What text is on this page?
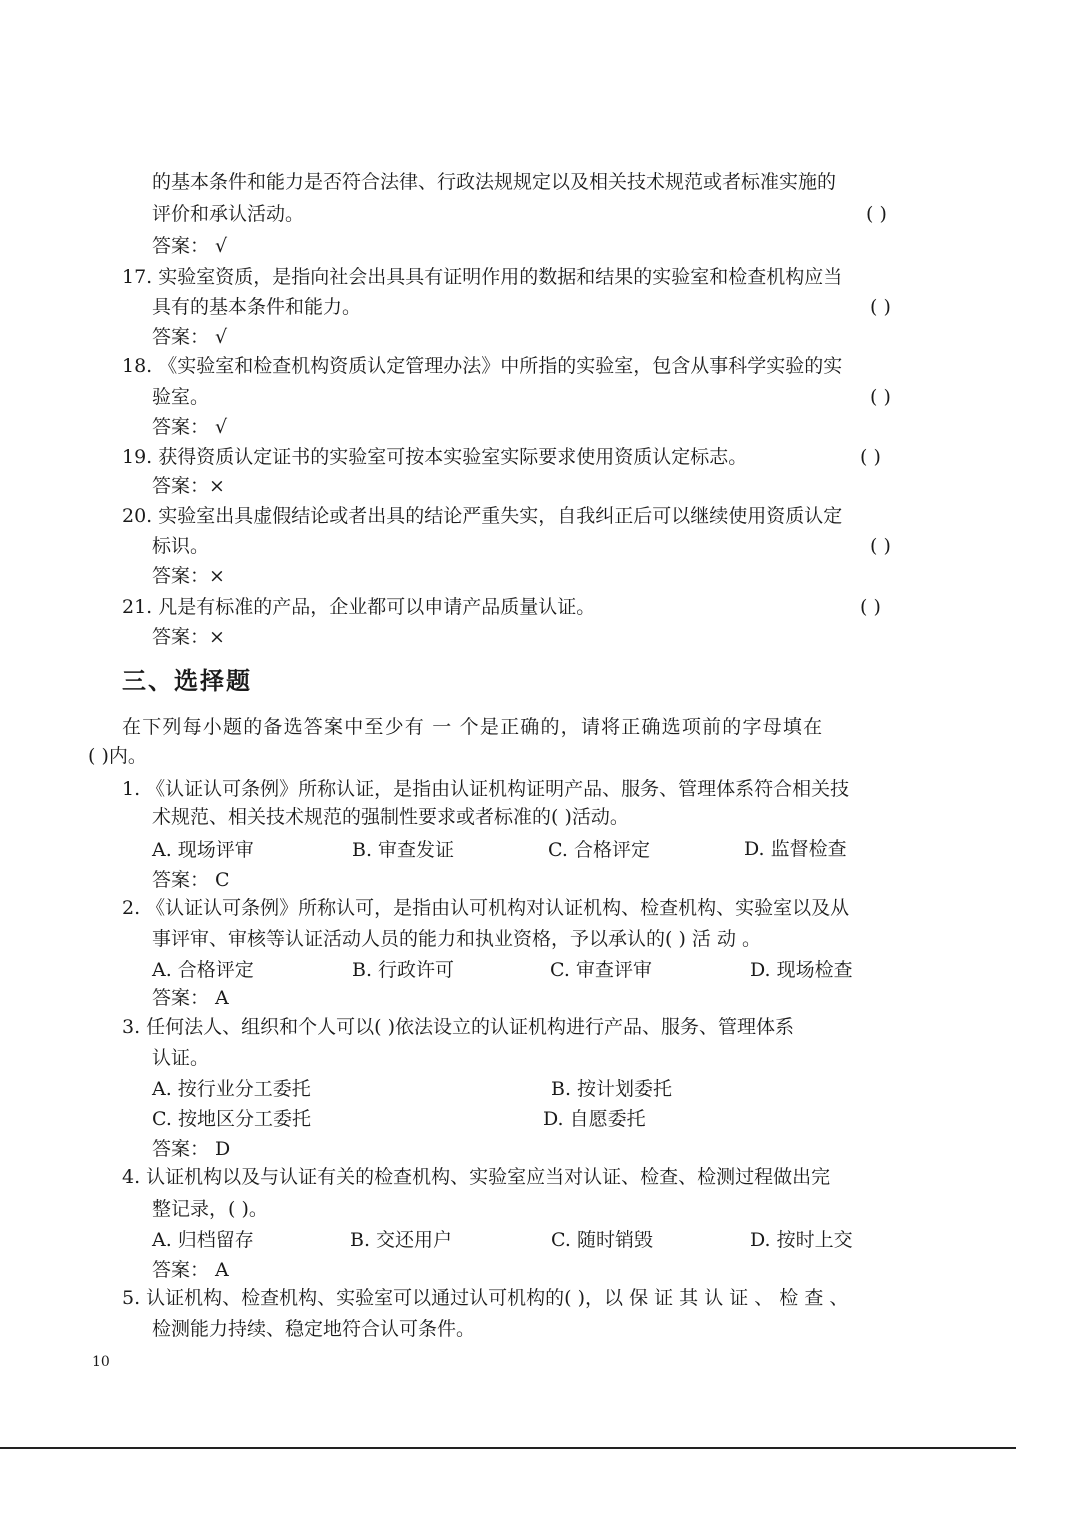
的基本条件和能力是否符合法律、行政法规规定以及相关技术规范或者标准实施的
评价和承认活动。	( )
答案： √
17. 实验室资质，是指向社会出具具有证明作用的数据和结果的实验室和检查机构应当
具有的基本条件和能力。	( )
答案： √
18. 《实验室和检查机构资质认定管理办法》中所指的实验室，包含从事科学实验的实
验室。	( )
答案： √
19. 获得资质认定证书的实验室可按本实验室实际要求使用资质认定标志。	( )
答案：×
20. 实验室出具虚假结论或者出具的结论严重失实，自我纠正后可以继续使用资质认定
标识。	( )
答案：×
21. 凡是有标准的产品，企业都可以申请产品质量认证。	( )
答案：×
三、选择题
在下列每小题的备选答案中至少有 一 个是正确的，请将正确选项前的字母填在
( )内。
1. 《认证认可条例》所称认证，是指由认证机构证明产品、服务、管理体系符合相关技
术规范、相关技术规范的强制性要求或者标准的( )活动。
A. 现场评审	B. 审查发证	C. 合格评定	D. 监督检查
答案： C
2. 《认证认可条例》所称认可，是指由认可机构对认证机构、检查机构、实验室以及从
事评审、审核等认证活动人员的能力和执业资格，予以承认的( ) 活 动 。
A. 合格评定	B. 行政许可	C. 审查评审	D. 现场检查
答案： A
3. 任何法人、组织和个人可以( )依法设立的认证机构进行产品、服务、管理体系
认证。
A. 按行业分工委托	B. 按计划委托
C. 按地区分工委托	D. 自愿委托
答案： D
4. 认证机构以及与认证有关的检查机构、实验室应当对认证、检查、检测过程做出完
整记录，( )。
A. 归档留存	B. 交还用户	C. 随时销毁	D. 按时上交
答案： A
5. 认证机构、检查机构、实验室可以通过认可机构的( )，以 保 证 其 认 证 、 检 查 、
检测能力持续、稳定地符合认可条件。
10
